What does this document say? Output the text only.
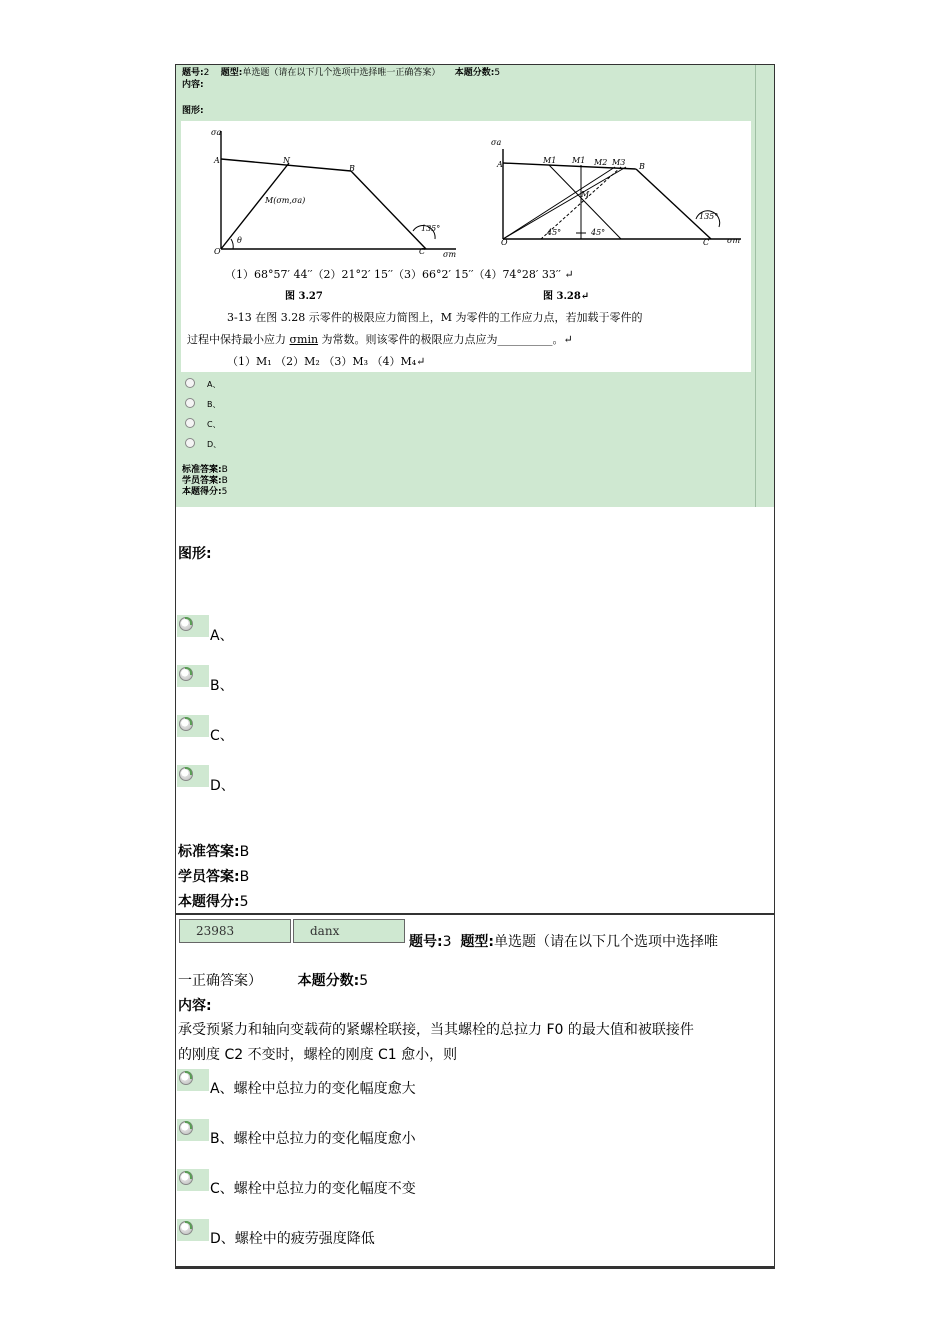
题号:2 题型:单选题（请在以下几个选项中选择唯一正确答案） 本题分数:5
内容:
图形:
σa
A	N
B
M(σm,σa)
θ
O	C
135°
σm
σa
A	M1 M1 M2 M3 B
M
45°	45°
O	C
135°
σm
（1）68°57′ 44′′（2）21°2′ 15′′（3）66°2′ 15′′（4）74°28′ 33′′ ↵
图 3.27	图 3.28↵
3-13 在图 3.28 示零件的极限应力简图上，M 为零件的工作应力点，若加载于零件的
过程中保持最小应力 σmin 为常数。则该零件的极限应力点应为__________。↵
（1）M₁ （2）M₂ （3）M₃ （4）M₄↵
A、
B、
C、
D、
标准答案:B
学员答案:B
本题得分:5
图形:
A、
B、
C、
D、
标准答案:B
学员答案:B
本题得分:5
23983	danx
题号:3 题型:单选题（请在以下几个选项中选择唯
一正确答案）	本题分数:5
内容:
承受预紧力和轴向变载荷的紧螺栓联接，当其螺栓的总拉力 F0 的最大值和被联接件
的刚度 C2 不变时，螺栓的刚度 C1 愈小，则
A、螺栓中总拉力的变化幅度愈大
B、螺栓中总拉力的变化幅度愈小
C、螺栓中总拉力的变化幅度不变
D、螺栓中的疲劳强度降低
